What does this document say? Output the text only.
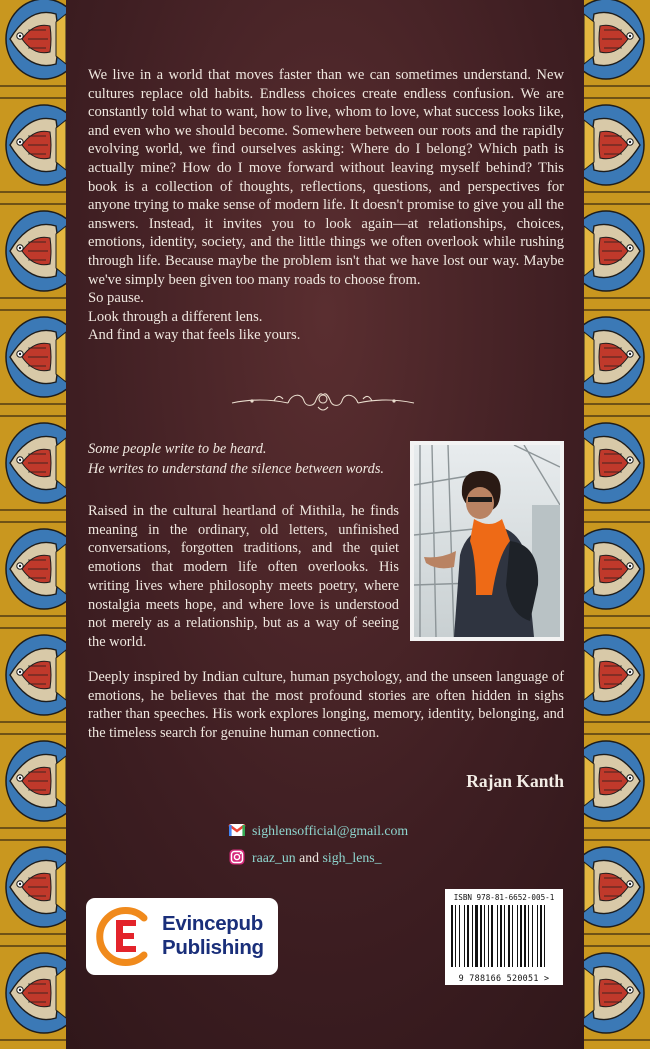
We live in a world that moves faster than we can sometimes understand. New cultures replace old habits. Endless choices create endless confusion. We are constantly told what to want, how to live, whom to love, what success looks like, and even who we should become. Somewhere between our roots and the rapidly evolving world, we find ourselves asking: Where do I belong? Which path is actually mine? How do I move forward without leaving myself behind? This book is a collection of thoughts, reflections, questions, and perspectives for anyone trying to make sense of modern life. It doesn't promise to give you all the answers. Instead, it invites you to look again—at relationships, choices, emotions, identity, society, and the little things we often overlook while rushing through life. Because maybe the problem isn't that we have lost our way. Maybe we've simply been given too many roads to choose from.

So pause.

Look through a different lens.

And find a way that feels like yours.

Some people write to be heard.
He writes to understand the silence between words.
Raised in the cultural heartland of Mithila, he finds meaning in the ordinary, old letters, unfinished conversations, forgotten traditions, and the quiet emotions that modern life often overlooks. His writing lives where philosophy meets poetry, where nostalgia meets hope, and where love is understood not merely as a relationship, but as a way of seeing the world.
Deeply inspired by Indian culture, human psychology, and the unseen language of emotions, he believes that the most profound stories are often hidden in sighs rather than speeches. His work explores longing, memory, identity, belonging, and the timeless search for genuine human connection.
Rajan Kanth
sighlensofficial@gmail.com
raaz_un and sigh_lens_
Evincepub
Publishing
ISBN 978-81-6652-005-1
9 788166 520051 >
